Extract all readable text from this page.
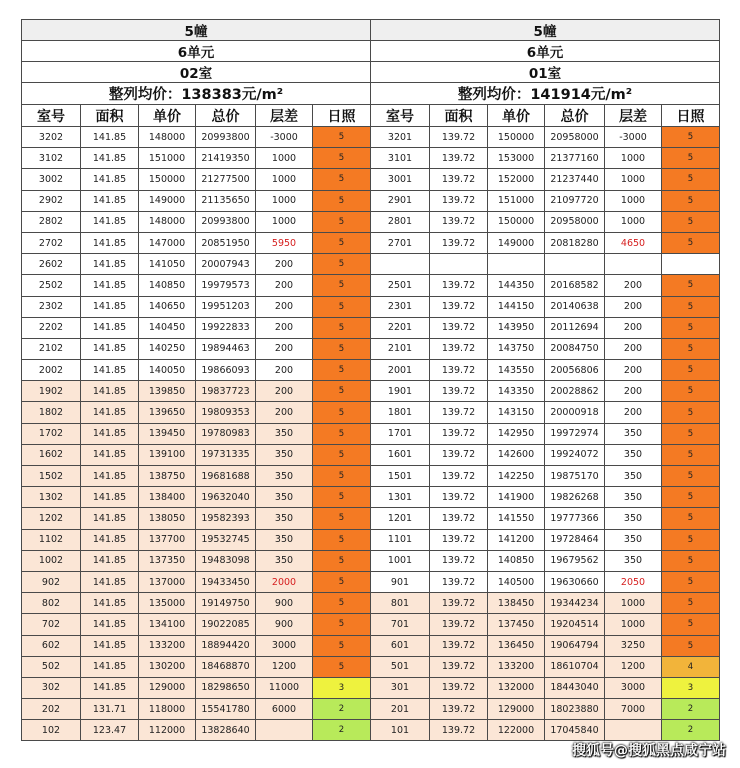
5幢					
6单元					
02室					
整列均价：138383元/m²					
室号	面积	单价	总价	层差	日照
3202	141.85	148000	20993800	-3000	5
3102	141.85	151000	21419350	1000	5
3002	141.85	150000	21277500	1000	5
2902	141.85	149000	21135650	1000	5
2802	141.85	148000	20993800	1000	5
2702	141.85	147000	20851950	5950	5
2602	141.85	141050	20007943	200	5
2502	141.85	140850	19979573	200	5
2302	141.85	140650	19951203	200	5
2202	141.85	140450	19922833	200	5
2102	141.85	140250	19894463	200	5
2002	141.85	140050	19866093	200	5
1902	141.85	139850	19837723	200	5
1802	141.85	139650	19809353	200	5
1702	141.85	139450	19780983	350	5
1602	141.85	139100	19731335	350	5
1502	141.85	138750	19681688	350	5
1302	141.85	138400	19632040	350	5
1202	141.85	138050	19582393	350	5
1102	141.85	137700	19532745	350	5
1002	141.85	137350	19483098	350	5
902	141.85	137000	19433450	2000	5
802	141.85	135000	19149750	900	5
702	141.85	134100	19022085	900	5
602	141.85	133200	18894420	3000	5
502	141.85	130200	18468870	1200	5
302	141.85	129000	18298650	11000	3
202	131.71	118000	15541780	6000	2
102	123.47	112000	13828640		2
5幢					
6单元					
01室					
整列均价：141914元/m²					
室号	面积	单价	总价	层差	日照
3201	139.72	150000	20958000	-3000	5
3101	139.72	153000	21377160	1000	5
3001	139.72	152000	21237440	1000	5
2901	139.72	151000	21097720	1000	5
2801	139.72	150000	20958000	1000	5
2701	139.72	149000	20818280	4650	5

2501	139.72	144350	20168582	200	5
2301	139.72	144150	20140638	200	5
2201	139.72	143950	20112694	200	5
2101	139.72	143750	20084750	200	5
2001	139.72	143550	20056806	200	5
1901	139.72	143350	20028862	200	5
1801	139.72	143150	20000918	200	5
1701	139.72	142950	19972974	350	5
1601	139.72	142600	19924072	350	5
1501	139.72	142250	19875170	350	5
1301	139.72	141900	19826268	350	5
1201	139.72	141550	19777366	350	5
1101	139.72	141200	19728464	350	5
1001	139.72	140850	19679562	350	5
901	139.72	140500	19630660	2050	5
801	139.72	138450	19344234	1000	5
701	139.72	137450	19204514	1000	5
601	139.72	136450	19064794	3250	5
501	139.72	133200	18610704	1200	4
301	139.72	132000	18443040	3000	3
201	139.72	129000	18023880	7000	2
101	139.72	122000	17045840		2
搜狐号@搜狐黑点咸宁站
